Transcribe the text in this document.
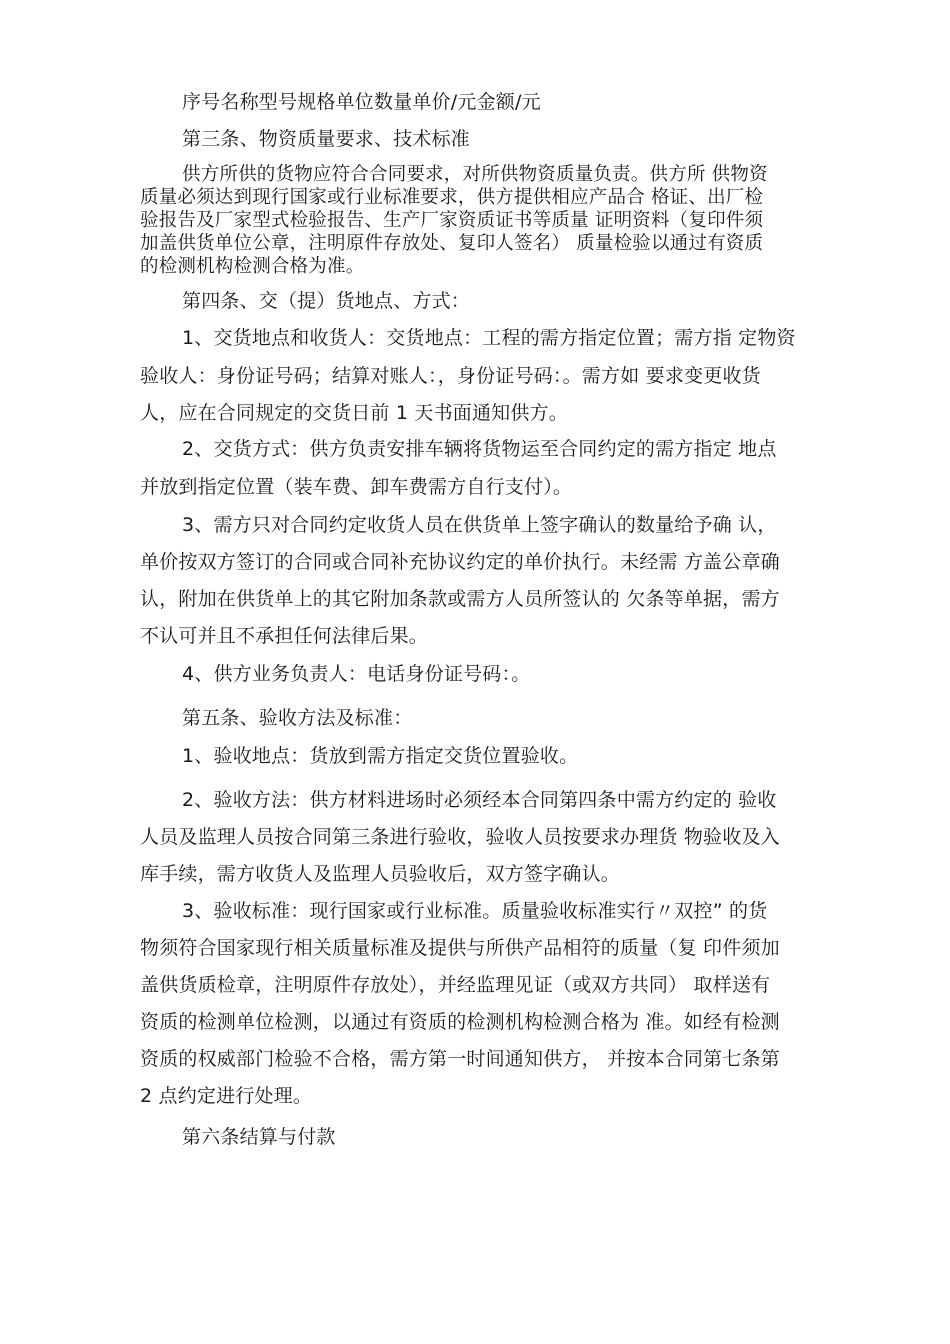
序号名称型号规格单位数量单价/元金额/元

第三条、物资质量要求、技术标准

供方所供的货物应符合合同要求，对所供物资质量负责。供方所 供物资

质量必须达到现行国家或行业标准要求，供方提供相应产品合 格证、出厂检

验报告及厂家型式检验报告、生产厂家资质证书等质量 证明资料（复印件须

加盖供货单位公章，注明原件存放处、复印人签名） 质量检验以通过有资质

的检测机构检测合格为准。

第四条、交（提）货地点、方式：

1、交货地点和收货人：交货地点：工程的需方指定位置；需方指 定物资

验收人：身份证号码；结算对账人：，身份证号码：。需方如 要求变更收货

人，应在合同规定的交货日前 1 天书面通知供方。

2、交货方式：供方负责安排车辆将货物运至合同约定的需方指定 地点

并放到指定位置（装车费、卸车费需方自行支付）。

3、需方只对合同约定收货人员在供货单上签字确认的数量给予确 认，

单价按双方签订的合同或合同补充协议约定的单价执行。未经需 方盖公章确

认，附加在供货单上的其它附加条款或需方人员所签认的 欠条等单据，需方

不认可并且不承担任何法律后果。

4、供方业务负责人：电话身份证号码：。

第五条、验收方法及标准：

1、验收地点：货放到需方指定交货位置验收。

2、验收方法：供方材料进场时必须经本合同第四条中需方约定的 验收

人员及监理人员按合同第三条进行验收，验收人员按要求办理货 物验收及入

库手续，需方收货人及监理人员验收后，双方签字确认。

3、验收标准：现行国家或行业标准。质量验收标准实行〃双控” 的货

物须符合国家现行相关质量标准及提供与所供产品相符的质量（复 印件须加

盖供货质检章，注明原件存放处），并经监理见证（或双方共同） 取样送有

资质的检测单位检测，以通过有资质的检测机构检测合格为 准。如经有检测

资质的权威部门检验不合格，需方第一时间通知供方， 并按本合同第七条第

2 点约定进行处理。

第六条结算与付款
